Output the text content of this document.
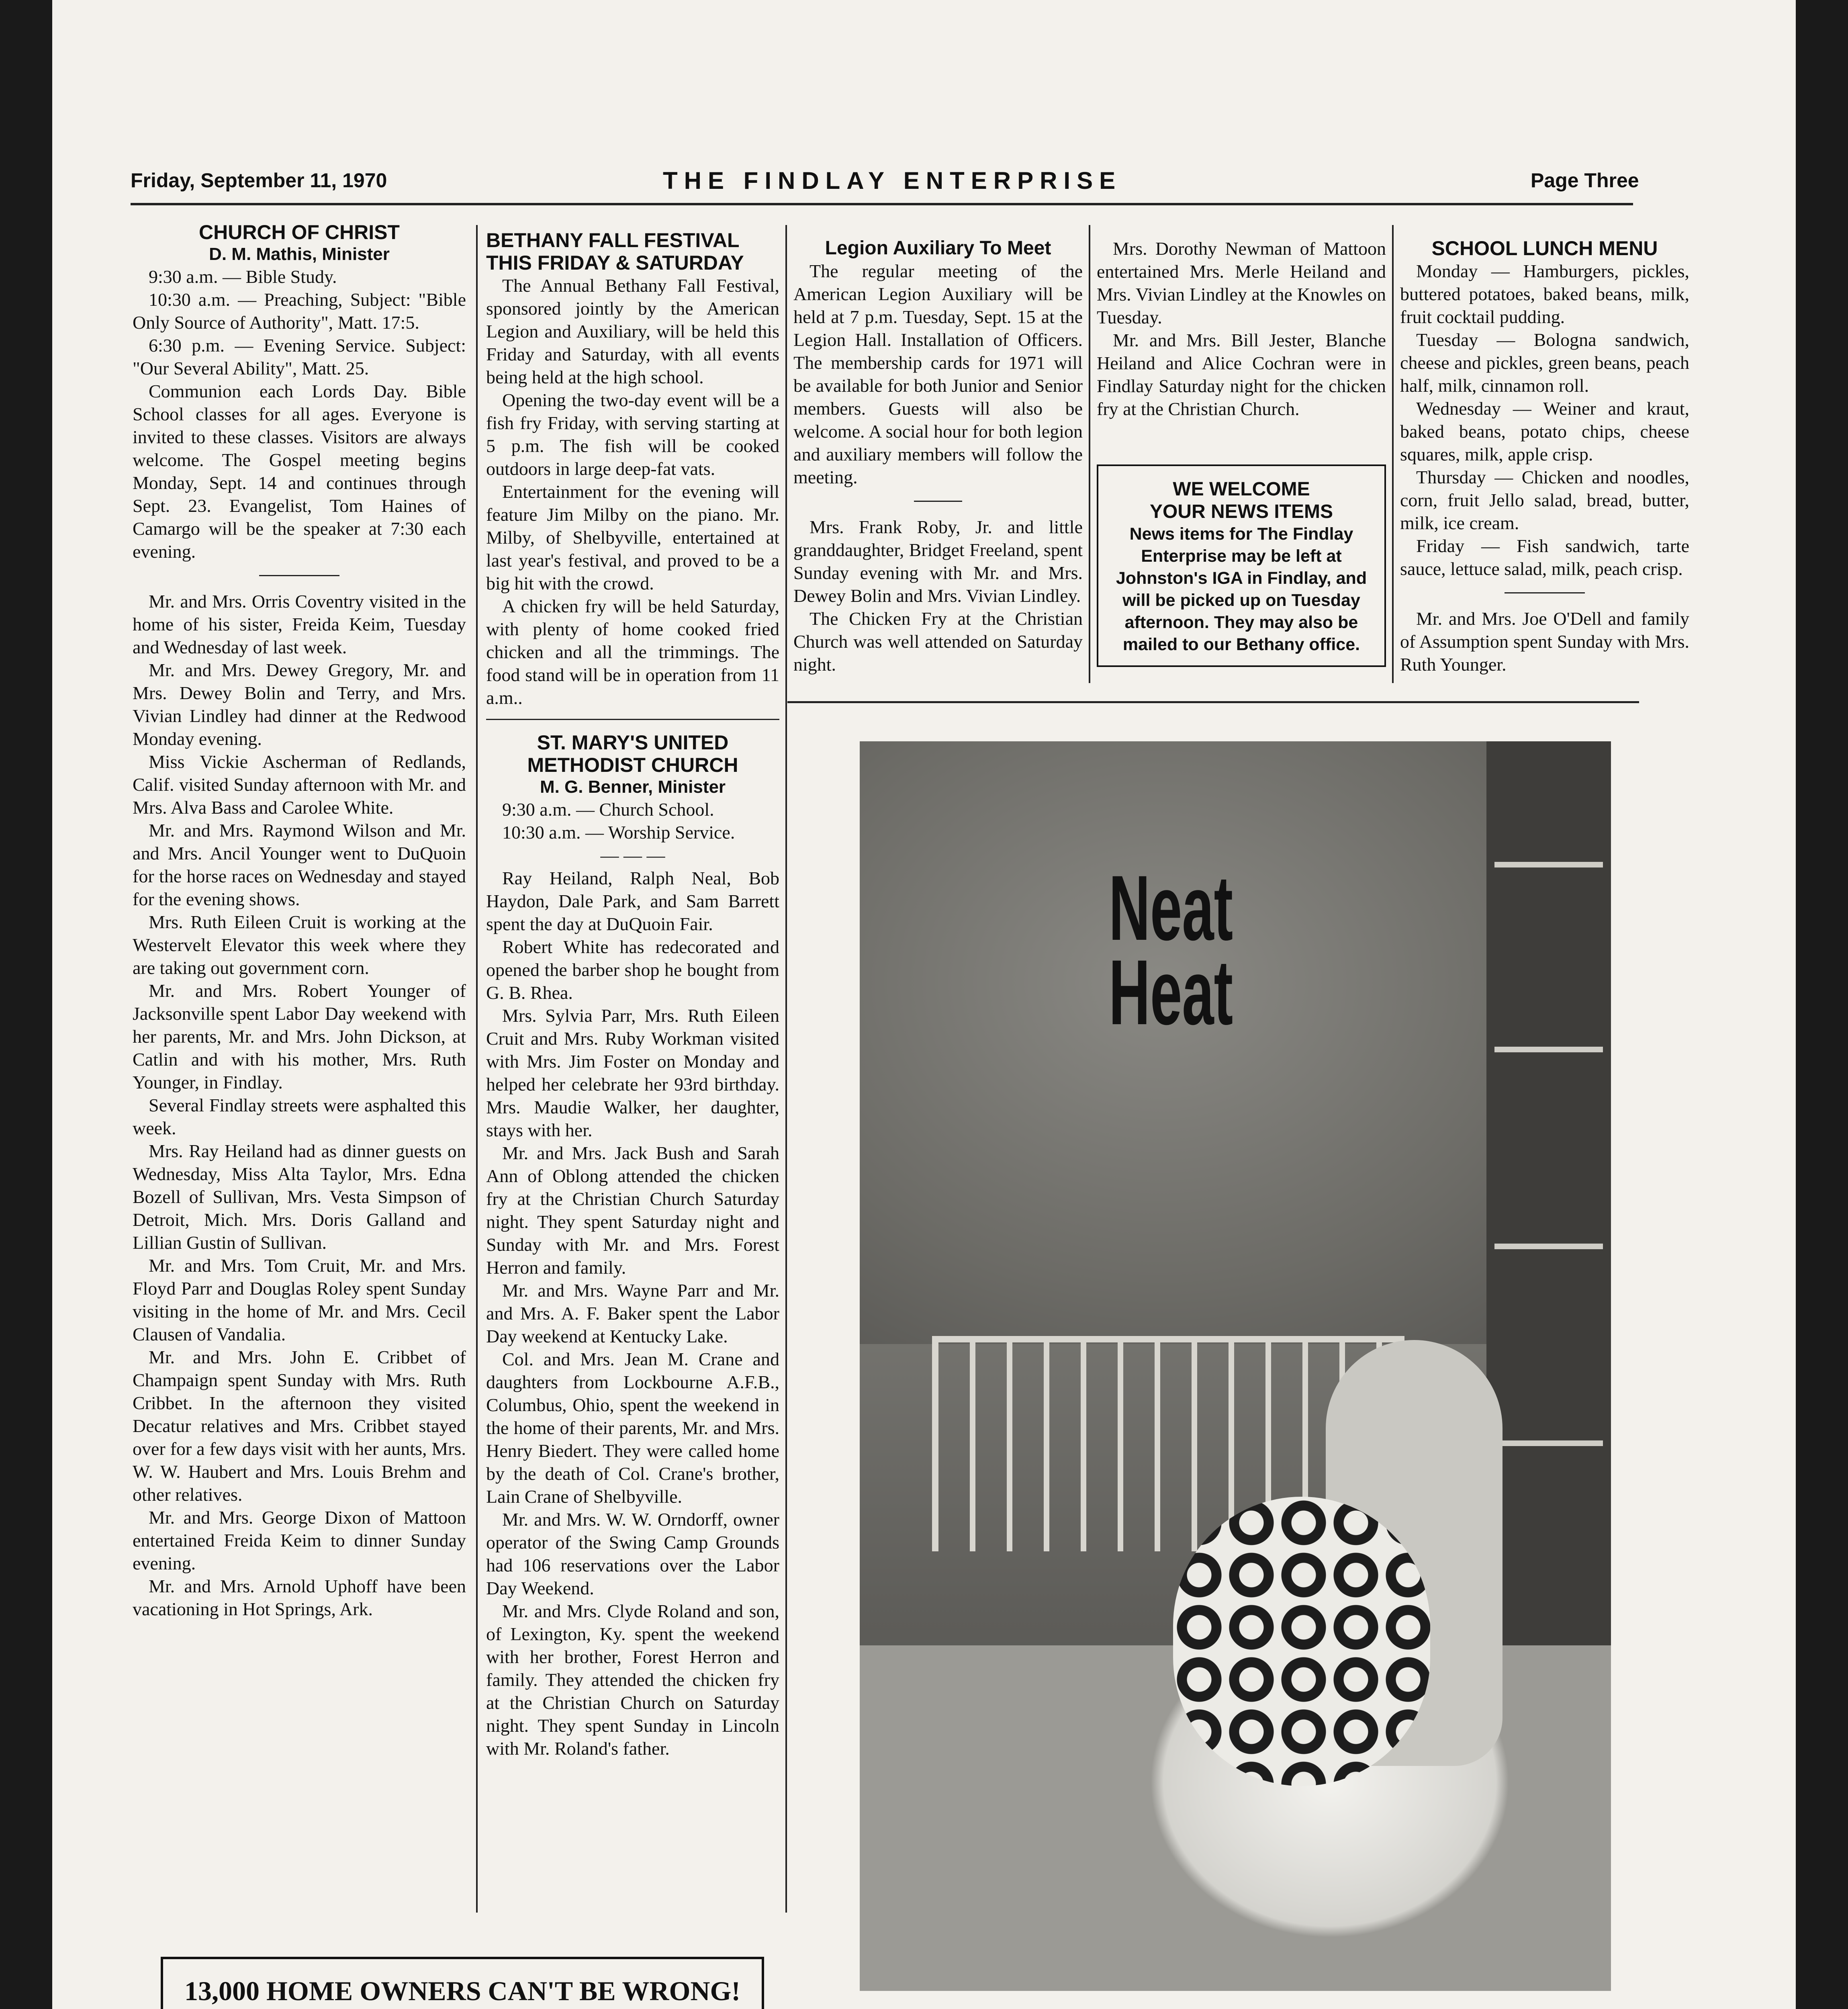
Friday, September 11, 1970	THE FINDLAY ENTERPRISE	Page Three
CHURCH OF CHRIST
D. M. Mathis, Minister

9:30 a.m. — Bible Study.

10:30 a.m. — Preaching, Subject: "Bible Only Source of Authority", Matt. 17:5.

6:30 p.m. — Evening Service. Subject: "Our Several Ability", Matt. 25.

Communion each Lords Day. Bible School classes for all ages. Everyone is invited to these classes. Visitors are always welcome. The Gospel meeting begins Monday, Sept. 14 and continues through Sept. 23. Evangelist, Tom Haines of Camargo will be the speaker at 7:30 each evening.

Mr. and Mrs. Orris Coventry visited in the home of his sister, Freida Keim, Tuesday and Wednesday of last week.

Mr. and Mrs. Dewey Gregory, Mr. and Mrs. Dewey Bolin and Terry, and Mrs. Vivian Lindley had dinner at the Redwood Monday evening.

Miss Vickie Ascherman of Redlands, Calif. visited Sunday afternoon with Mr. and Mrs. Alva Bass and Carolee White.

Mr. and Mrs. Raymond Wilson and Mr. and Mrs. Ancil Younger went to DuQuoin for the horse races on Wednesday and stayed for the evening shows.

Mrs. Ruth Eileen Cruit is working at the Westervelt Elevator this week where they are taking out government corn.

Mr. and Mrs. Robert Younger of Jacksonville spent Labor Day weekend with her parents, Mr. and Mrs. John Dickson, at Catlin and with his mother, Mrs. Ruth Younger, in Findlay.

Several Findlay streets were asphalted this week.

Mrs. Ray Heiland had as dinner guests on Wednesday, Miss Alta Taylor, Mrs. Edna Bozell of Sullivan, Mrs. Vesta Simpson of Detroit, Mich. Mrs. Doris Galland and Lillian Gustin of Sullivan.

Mr. and Mrs. Tom Cruit, Mr. and Mrs. Floyd Parr and Douglas Roley spent Sunday visiting in the home of Mr. and Mrs. Cecil Clausen of Vandalia.

Mr. and Mrs. John E. Cribbet of Champaign spent Sunday with Mrs. Ruth Cribbet. In the afternoon they visited Decatur relatives and Mrs. Cribbet stayed over for a few days visit with her aunts, Mrs. W. W. Haubert and Mrs. Louis Brehm and other relatives.

Mr. and Mrs. George Dixon of Mattoon entertained Freida Keim to dinner Sunday evening.

Mr. and Mrs. Arnold Uphoff have been vacationing in Hot Springs, Ark.

BETHANY FALL FESTIVAL
THIS FRIDAY & SATURDAY

The Annual Bethany Fall Festival, sponsored jointly by the American Legion and Auxiliary, will be held this Friday and Saturday, with all events being held at the high school.

Opening the two-day event will be a fish fry Friday, with serving starting at 5 p.m. The fish will be cooked outdoors in large deep-fat vats.

Entertainment for the evening will feature Jim Milby on the piano. Mr. Milby, of Shelbyville, entertained at last year's festival, and proved to be a big hit with the crowd.

A chicken fry will be held Saturday, with plenty of home cooked fried chicken and all the trimmings. The food stand will be in operation from 11 a.m..

ST. MARY'S UNITED
METHODIST CHURCH
M. G. Benner, Minister

9:30 a.m. — Church School.

10:30 a.m. — Worship Service.

— — —

Ray Heiland, Ralph Neal, Bob Haydon, Dale Park, and Sam Barrett spent the day at DuQuoin Fair.

Robert White has redecorated and opened the barber shop he bought from G. B. Rhea.

Mrs. Sylvia Parr, Mrs. Ruth Eileen Cruit and Mrs. Ruby Workman visited with Mrs. Jim Foster on Monday and helped her celebrate her 93rd birthday. Mrs. Maudie Walker, her daughter, stays with her.

Mr. and Mrs. Jack Bush and Sarah Ann of Oblong attended the chicken fry at the Christian Church Saturday night. They spent Saturday night and Sunday with Mr. and Mrs. Forest Herron and family.

Mr. and Mrs. Wayne Parr and Mr. and Mrs. A. F. Baker spent the Labor Day weekend at Kentucky Lake.

Col. and Mrs. Jean M. Crane and daughters from Lockbourne A.F.B., Columbus, Ohio, spent the weekend in the home of their parents, Mr. and Mrs. Henry Biedert. They were called home by the death of Col. Crane's brother, Lain Crane of Shelbyville.

Mr. and Mrs. W. W. Orndorff, owner operator of the Swing Camp Grounds had 106 reservations over the Labor Day Weekend.

Mr. and Mrs. Clyde Roland and son, of Lexington, Ky. spent the weekend with her brother, Forest Herron and family. They attended the chicken fry at the Christian Church on Saturday night. They spent Sunday in Lincoln with Mr. Roland's father.

Legion Auxiliary To Meet

The regular meeting of the American Legion Auxiliary will be held at 7 p.m. Tuesday, Sept. 15 at the Legion Hall. Installation of Officers. The membership cards for 1971 will be available for both Junior and Senior members. Guests will also be welcome. A social hour for both legion and auxiliary members will follow the meeting.

Mrs. Frank Roby, Jr. and little granddaughter, Bridget Freeland, spent Sunday evening with Mr. and Mrs. Dewey Bolin and Mrs. Vivian Lindley.

The Chicken Fry at the Christian Church was well attended on Saturday night.

Mrs. Dorothy Newman of Mattoon entertained Mrs. Merle Heiland and Mrs. Vivian Lindley at the Knowles on Tuesday.

Mr. and Mrs. Bill Jester, Blanche Heiland and Alice Cochran were in Findlay Saturday night for the chicken fry at the Christian Church.

WE WELCOME
YOUR NEWS ITEMS
News items for The Findlay Enterprise may be left at Johnston's IGA in Findlay, and will be picked up on Tuesday afternoon. They may also be mailed to our Bethany office.
SCHOOL LUNCH MENU

Monday — Hamburgers, pickles, buttered potatoes, baked beans, milk, fruit cocktail pudding.

Tuesday — Bologna sandwich, cheese and pickles, green beans, peach half, milk, cinnamon roll.

Wednesday — Weiner and kraut, baked beans, potato chips, cheese squares, milk, apple crisp.

Thursday — Chicken and noodles, corn, fruit Jello salad, bread, butter, milk, ice cream.

Friday — Fish sandwich, tarte sauce, lettuce salad, milk, peach crisp.

Mr. and Mrs. Joe O'Dell and family of Assumption spent Sunday with Mrs. Ruth Younger.

Neat
Heat
13,000 HOME OWNERS CAN'T BE WRONG!
